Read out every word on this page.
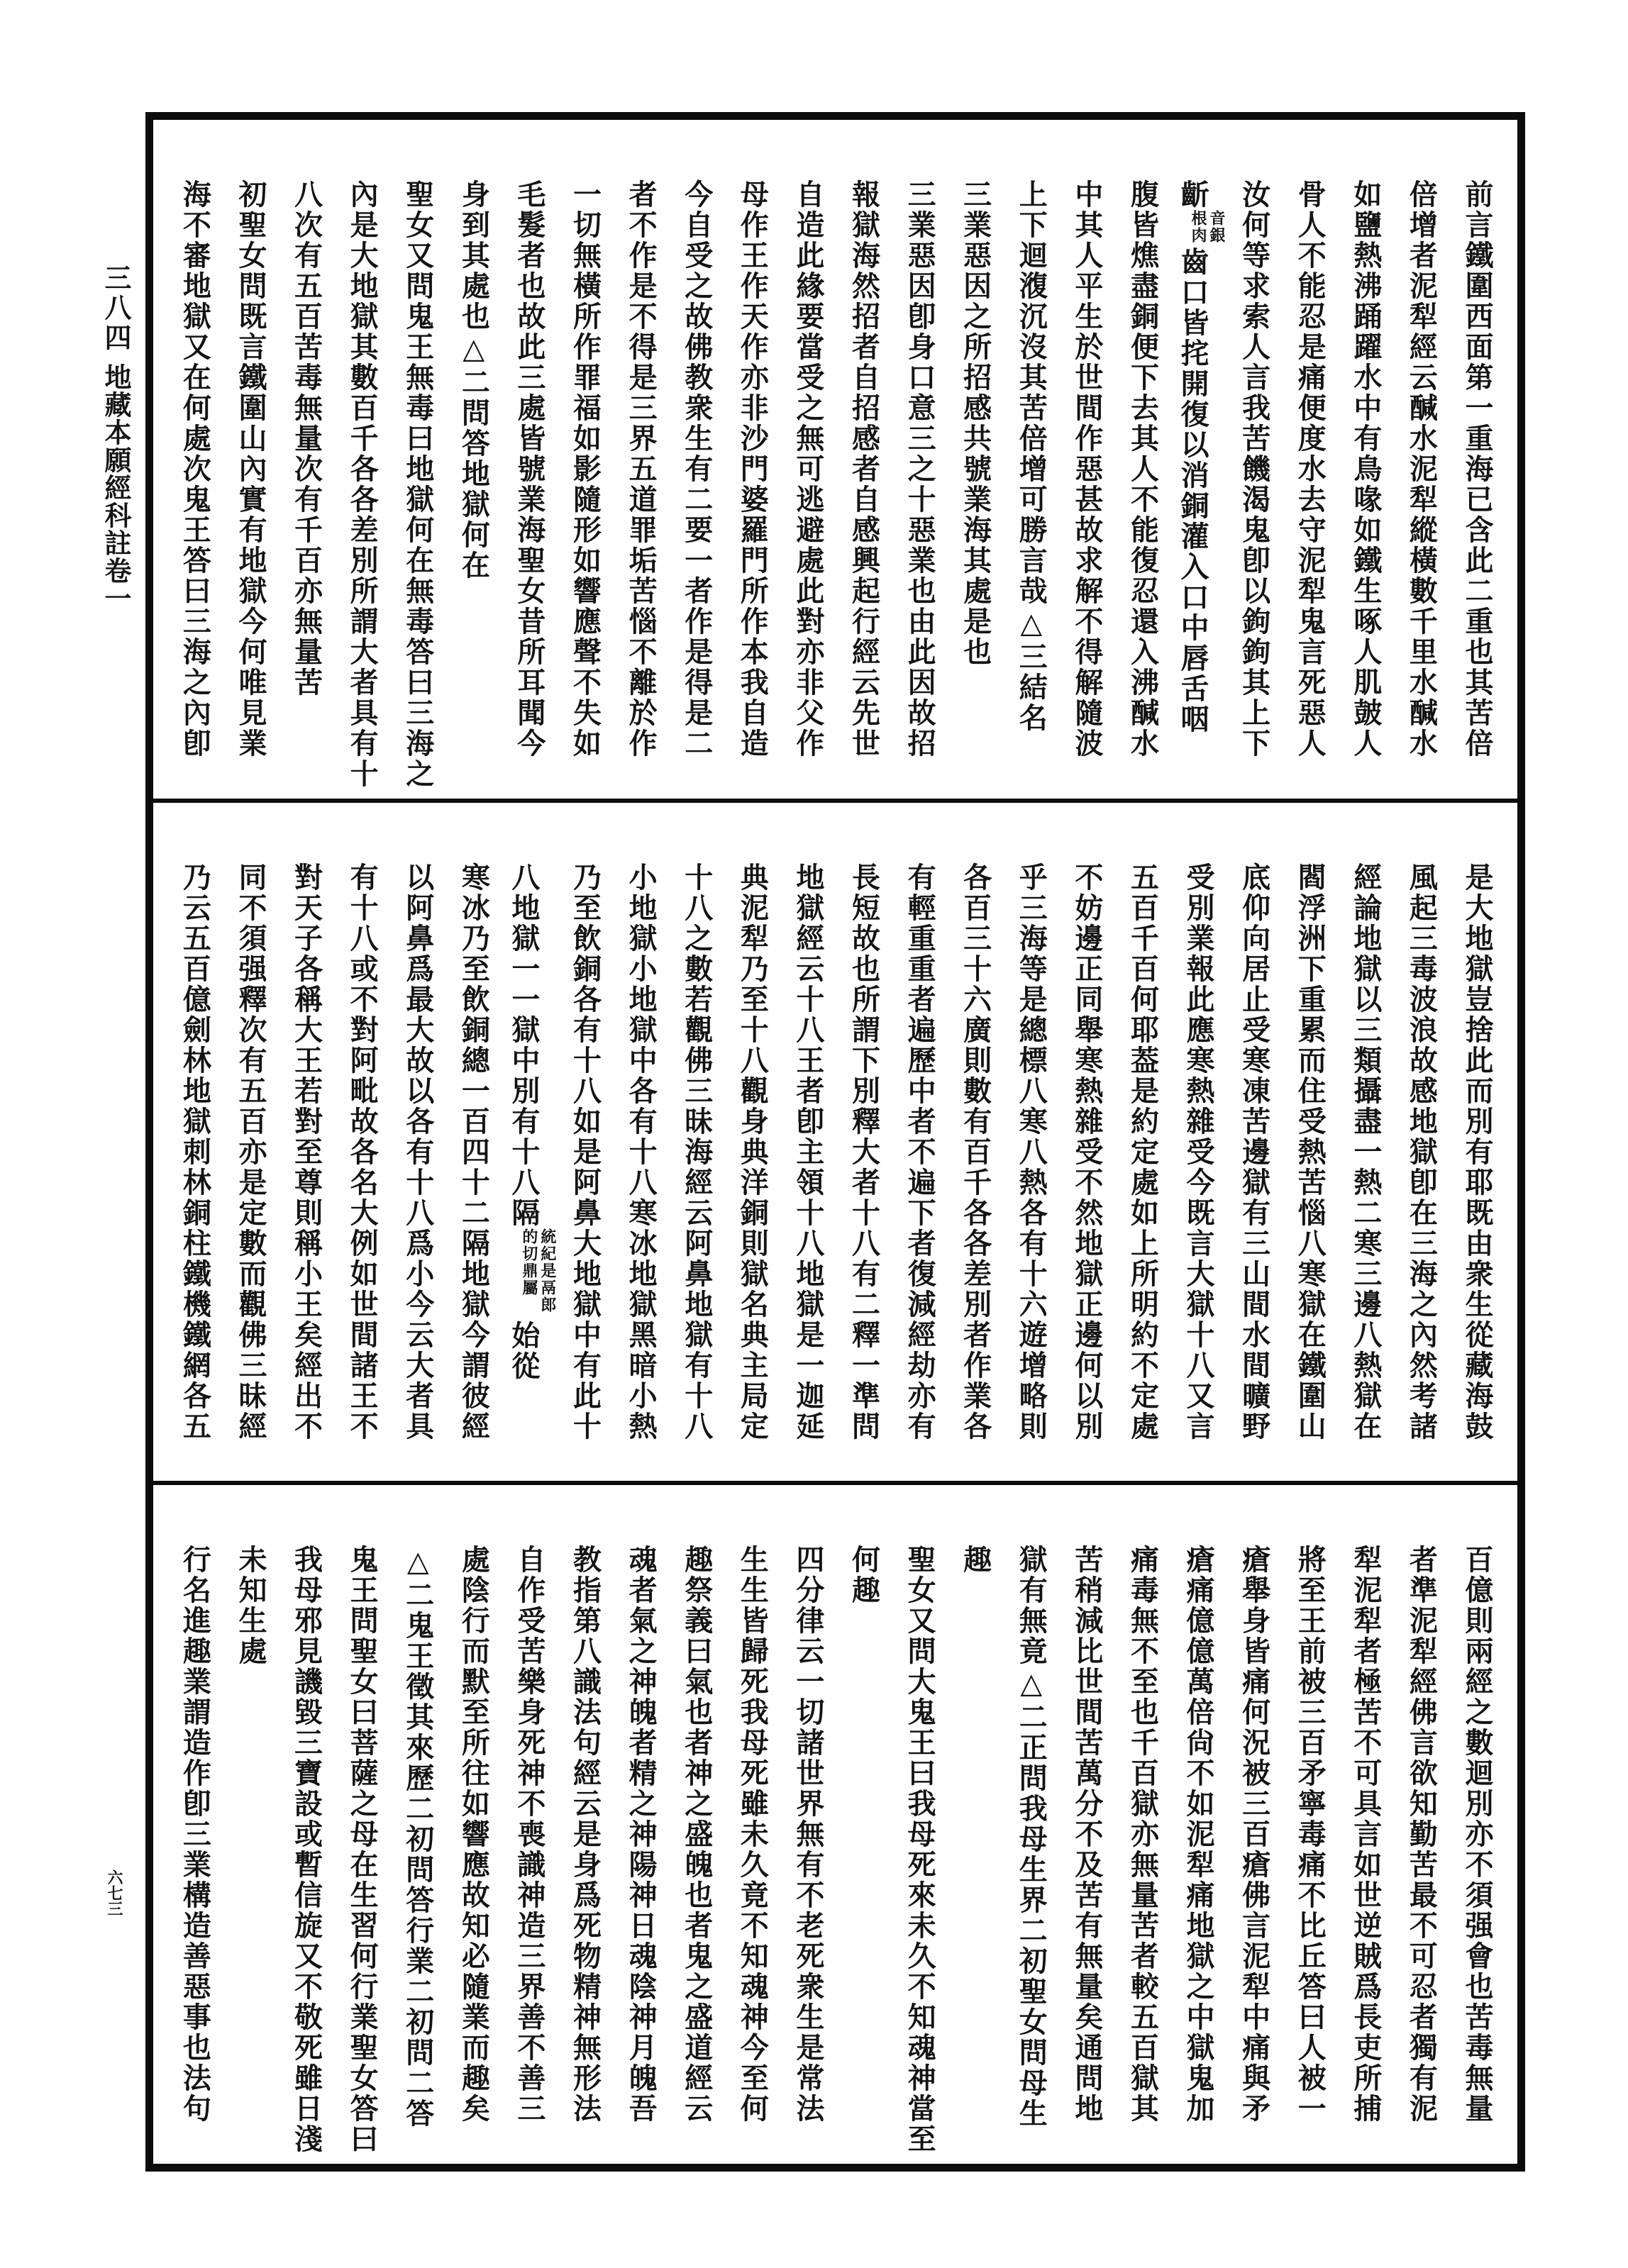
三八四
地藏本願經科註卷一
六七三
前言鐵圍西面第一重海已含此二重也其苦倍
倍增者泥犁經云醎水泥犁縱橫數千里水醎水
如鹽熱沸踊躍水中有鳥喙如鐵生啄人肌皷人
骨人不能忍是痛便度水去守泥犁鬼言死惡人
汝何等求索人言我苦饑渴鬼卽以鉤鉤其上下
齗音銀根肉齒口皆挓開復以消銅灌入口中唇舌咽
腹皆燋盡銅便下去其人不能復忍還入沸醎水
中其人平生於世間作惡甚故求解不得解隨波
上下迴澓沉沒其苦倍增可勝言哉△三結名
三業惡因之所招感共號業海其處是也
三業惡因卽身口意三之十惡業也由此因故招
報獄海然招者自招感者自感興起行經云先世
自造此緣要當受之無可逃避處此對亦非父作
母作王作天作亦非沙門婆羅門所作本我自造
今自受之故佛教衆生有二要一者作是得是二
者不作是不得是三界五道罪垢苦惱不離於作
一切無橫所作罪福如影隨形如響應聲不失如
毛髮者也故此三處皆號業海聖女昔所耳聞今
身到其處也△二問答地獄何在
聖女又問鬼王無毒曰地獄何在無毒答曰三海之
內是大地獄其數百千各各差別所謂大者具有十
八次有五百苦毒無量次有千百亦無量苦
初聖女問既言鐵圍山內實有地獄今何唯見業
海不審地獄又在何處次鬼王答曰三海之內卽
是大地獄豈捨此而別有耶既由衆生從藏海鼓
風起三毒波浪故感地獄卽在三海之內然考諸
經論地獄以三類攝盡一熱二寒三邊八熱獄在
閻浮洲下重累而住受熱苦惱八寒獄在鐵圍山
底仰向居止受寒凍苦邊獄有三山間水間曠野
受別業報此應寒熱雜受今既言大獄十八又言
五百千百何耶葢是約定處如上所明約不定處
不妨邊正同舉寒熱雜受不然地獄正邊何以別
乎三海等是總標八寒八熱各有十六遊增略則
各百三十六廣則數有百千各各差別者作業各
有輕重重者遍歷中者不遍下者復減經劫亦有
長短故也所謂下別釋大者十八有二釋一準問
地獄經云十八王者卽主領十八地獄是一迦延
典泥犁乃至十八觀身典洋銅則獄名典主局定
十八之數若觀佛三昧海經云阿鼻地獄有十八
小地獄小地獄中各有十八寒冰地獄黑暗小熱
乃至飲銅各有十八如是阿鼻大地獄中有此十
八地獄一一獄中別有十八隔統紀是鬲郎的切鼎屬始從
寒冰乃至飲銅總一百四十二隔地獄今謂彼經
以阿鼻爲最大故以各有十八爲小今云大者具
有十八或不對阿毗故各名大例如世間諸王不
對天子各稱大王若對至尊則稱小王矣經出不
同不須强釋次有五百亦是定數而觀佛三昧經
乃云五百億劍林地獄刺林銅柱鐵機鐵網各五
百億則兩經之數迴別亦不須强會也苦毒無量
者準泥犁經佛言欲知勤苦最不可忍者獨有泥
犁泥犁者極苦不可具言如世逆賊爲長吏所捕
將至王前被三百矛寧毒痛不比丘答曰人被一
瘡舉身皆痛何況被三百瘡佛言泥犁中痛與矛
瘡痛億億萬倍尙不如泥犁痛地獄之中獄鬼加
痛毒無不至也千百獄亦無量苦者較五百獄其
苦稍減比世間苦萬分不及苦有無量矣通問地
獄有無竟△二正問我母生界二初聖女問母生
趣
聖女又問大鬼王曰我母死來未久不知魂神當至
何趣
四分律云一切諸世界無有不老死衆生是常法
生生皆歸死我母死雖未久竟不知魂神今至何
趣祭義曰氣也者神之盛魄也者鬼之盛道經云
魂者氣之神魄者精之神陽神日魂陰神月魄吾
教指第八識法句經云是身爲死物精神無形法
自作受苦樂身死神不喪識神造三界善不善三
處陰行而默至所往如響應故知必隨業而趣矣
△二鬼王徵其來歷二初問答行業二初問二答
鬼王問聖女曰菩薩之母在生習何行業聖女答曰
我母邪見譏毀三寶設或暫信旋又不敬死雖日淺
未知生處
行名進趣業謂造作卽三業構造善惡事也法句
